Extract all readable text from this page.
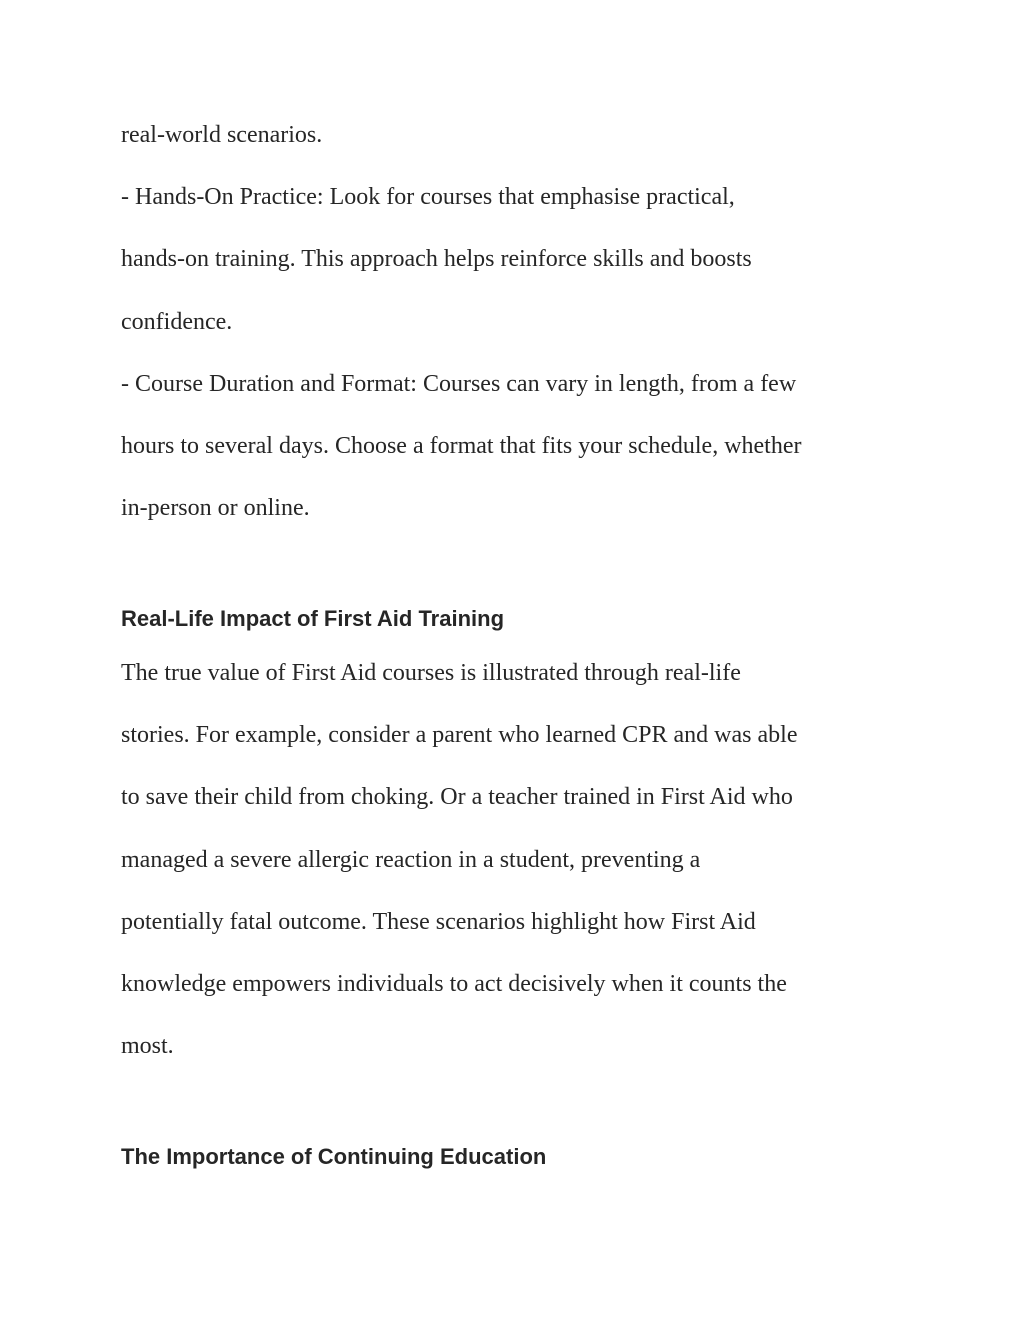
real-world scenarios.

- Hands-On Practice: Look for courses that emphasise practical,

hands-on training. This approach helps reinforce skills and boosts

confidence.

- Course Duration and Format: Courses can vary in length, from a few

hours to several days. Choose a format that fits your schedule, whether

in-person or online.

Real-Life Impact of First Aid Training

The true value of First Aid courses is illustrated through real-life

stories. For example, consider a parent who learned CPR and was able

to save their child from choking. Or a teacher trained in First Aid who

managed a severe allergic reaction in a student, preventing a

potentially fatal outcome. These scenarios highlight how First Aid

knowledge empowers individuals to act decisively when it counts the

most.

The Importance of Continuing Education
